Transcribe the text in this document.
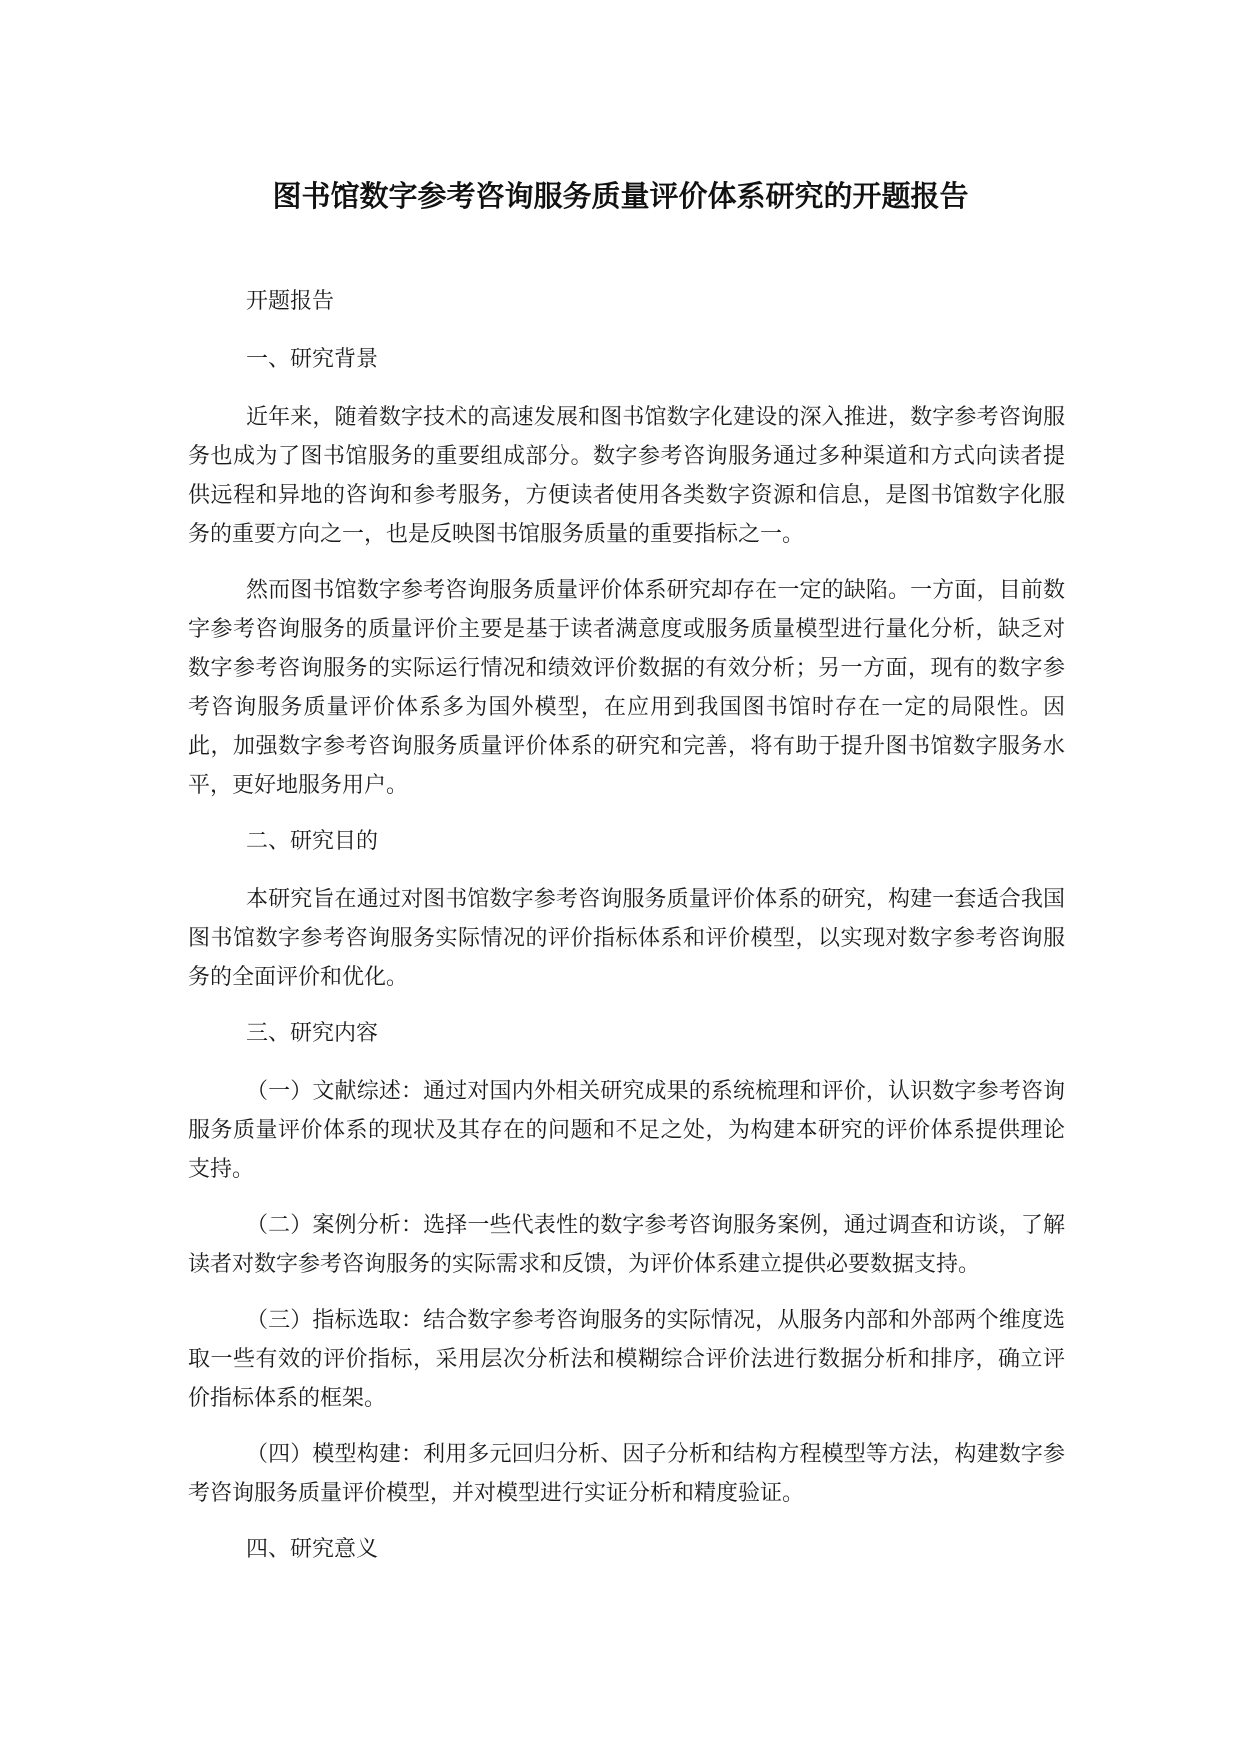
图书馆数字参考咨询服务质量评价体系研究的开题报告

开题报告

一、研究背景

近年来，随着数字技术的高速发展和图书馆数字化建设的深入推进，数字参考咨询服务也成为了图书馆服务的重要组成部分。数字参考咨询服务通过多种渠道和方式向读者提供远程和异地的咨询和参考服务，方便读者使用各类数字资源和信息，是图书馆数字化服务的重要方向之一，也是反映图书馆服务质量的重要指标之一。

然而图书馆数字参考咨询服务质量评价体系研究却存在一定的缺陷。一方面，目前数字参考咨询服务的质量评价主要是基于读者满意度或服务质量模型进行量化分析，缺乏对数字参考咨询服务的实际运行情况和绩效评价数据的有效分析；另一方面，现有的数字参考咨询服务质量评价体系多为国外模型，在应用到我国图书馆时存在一定的局限性。因此，加强数字参考咨询服务质量评价体系的研究和完善，将有助于提升图书馆数字服务水平，更好地服务用户。

二、研究目的

本研究旨在通过对图书馆数字参考咨询服务质量评价体系的研究，构建一套适合我国图书馆数字参考咨询服务实际情况的评价指标体系和评价模型，以实现对数字参考咨询服务的全面评价和优化。

三、研究内容

（一）文献综述：通过对国内外相关研究成果的系统梳理和评价，认识数字参考咨询服务质量评价体系的现状及其存在的问题和不足之处，为构建本研究的评价体系提供理论支持。

（二）案例分析：选择一些代表性的数字参考咨询服务案例，通过调查和访谈，了解读者对数字参考咨询服务的实际需求和反馈，为评价体系建立提供必要数据支持。

（三）指标选取：结合数字参考咨询服务的实际情况，从服务内部和外部两个维度选取一些有效的评价指标，采用层次分析法和模糊综合评价法进行数据分析和排序，确立评价指标体系的框架。

（四）模型构建：利用多元回归分析、因子分析和结构方程模型等方法，构建数字参考咨询服务质量评价模型，并对模型进行实证分析和精度验证。

四、研究意义
